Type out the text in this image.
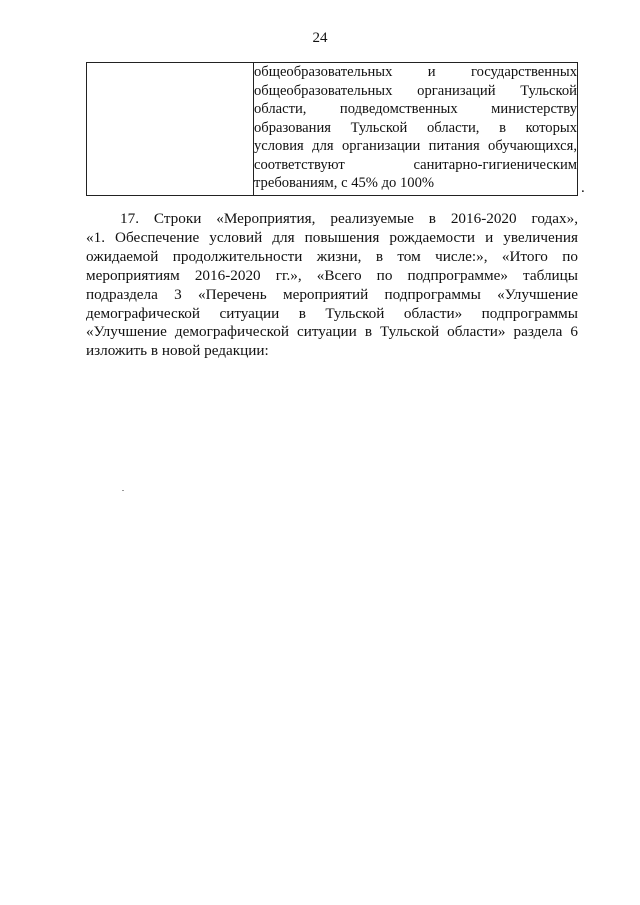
24

общеобразовательных и государственных
общеобразовательных организаций Тульской
области, подведомственных министерству
образования Тульской области, в которых
условия для организации питания обучающихся,
соответствуют санитарно-гигиеническим
требованиям, с 45% до 100%	.
17. Строки «Мероприятия, реализуемые в 2016-2020 годах»,
«1. Обеспечение условий для повышения рождаемости и увеличения
ожидаемой продолжительности жизни, в том числе:», «Итого по
мероприятиям 2016-2020 гг.», «Всего по подпрограмме» таблицы
подраздела 3 «Перечень мероприятий подпрограммы «Улучшение
демографической ситуации в Тульской области» подпрограммы
«Улучшение демографической ситуации в Тульской области» раздела 6
изложить в новой редакции:
